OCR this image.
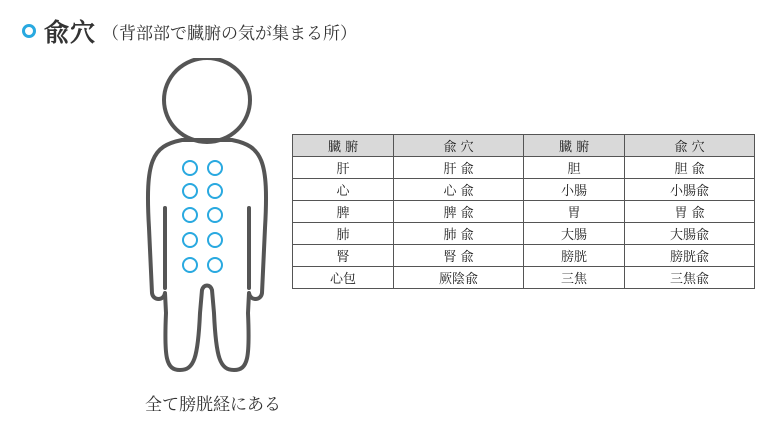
兪穴 （背部部で臓腑の気が集まる所）
全て膀胱経にある
臓 腑	兪 穴	臓 腑	兪 穴
肝	肝 兪	胆	胆 兪
心	心 兪	小腸	小腸兪
脾	脾 兪	胃	胃 兪
肺	肺 兪	大腸	大腸兪
腎	腎 兪	膀胱	膀胱兪
心包	厥陰兪	三焦	三焦兪
